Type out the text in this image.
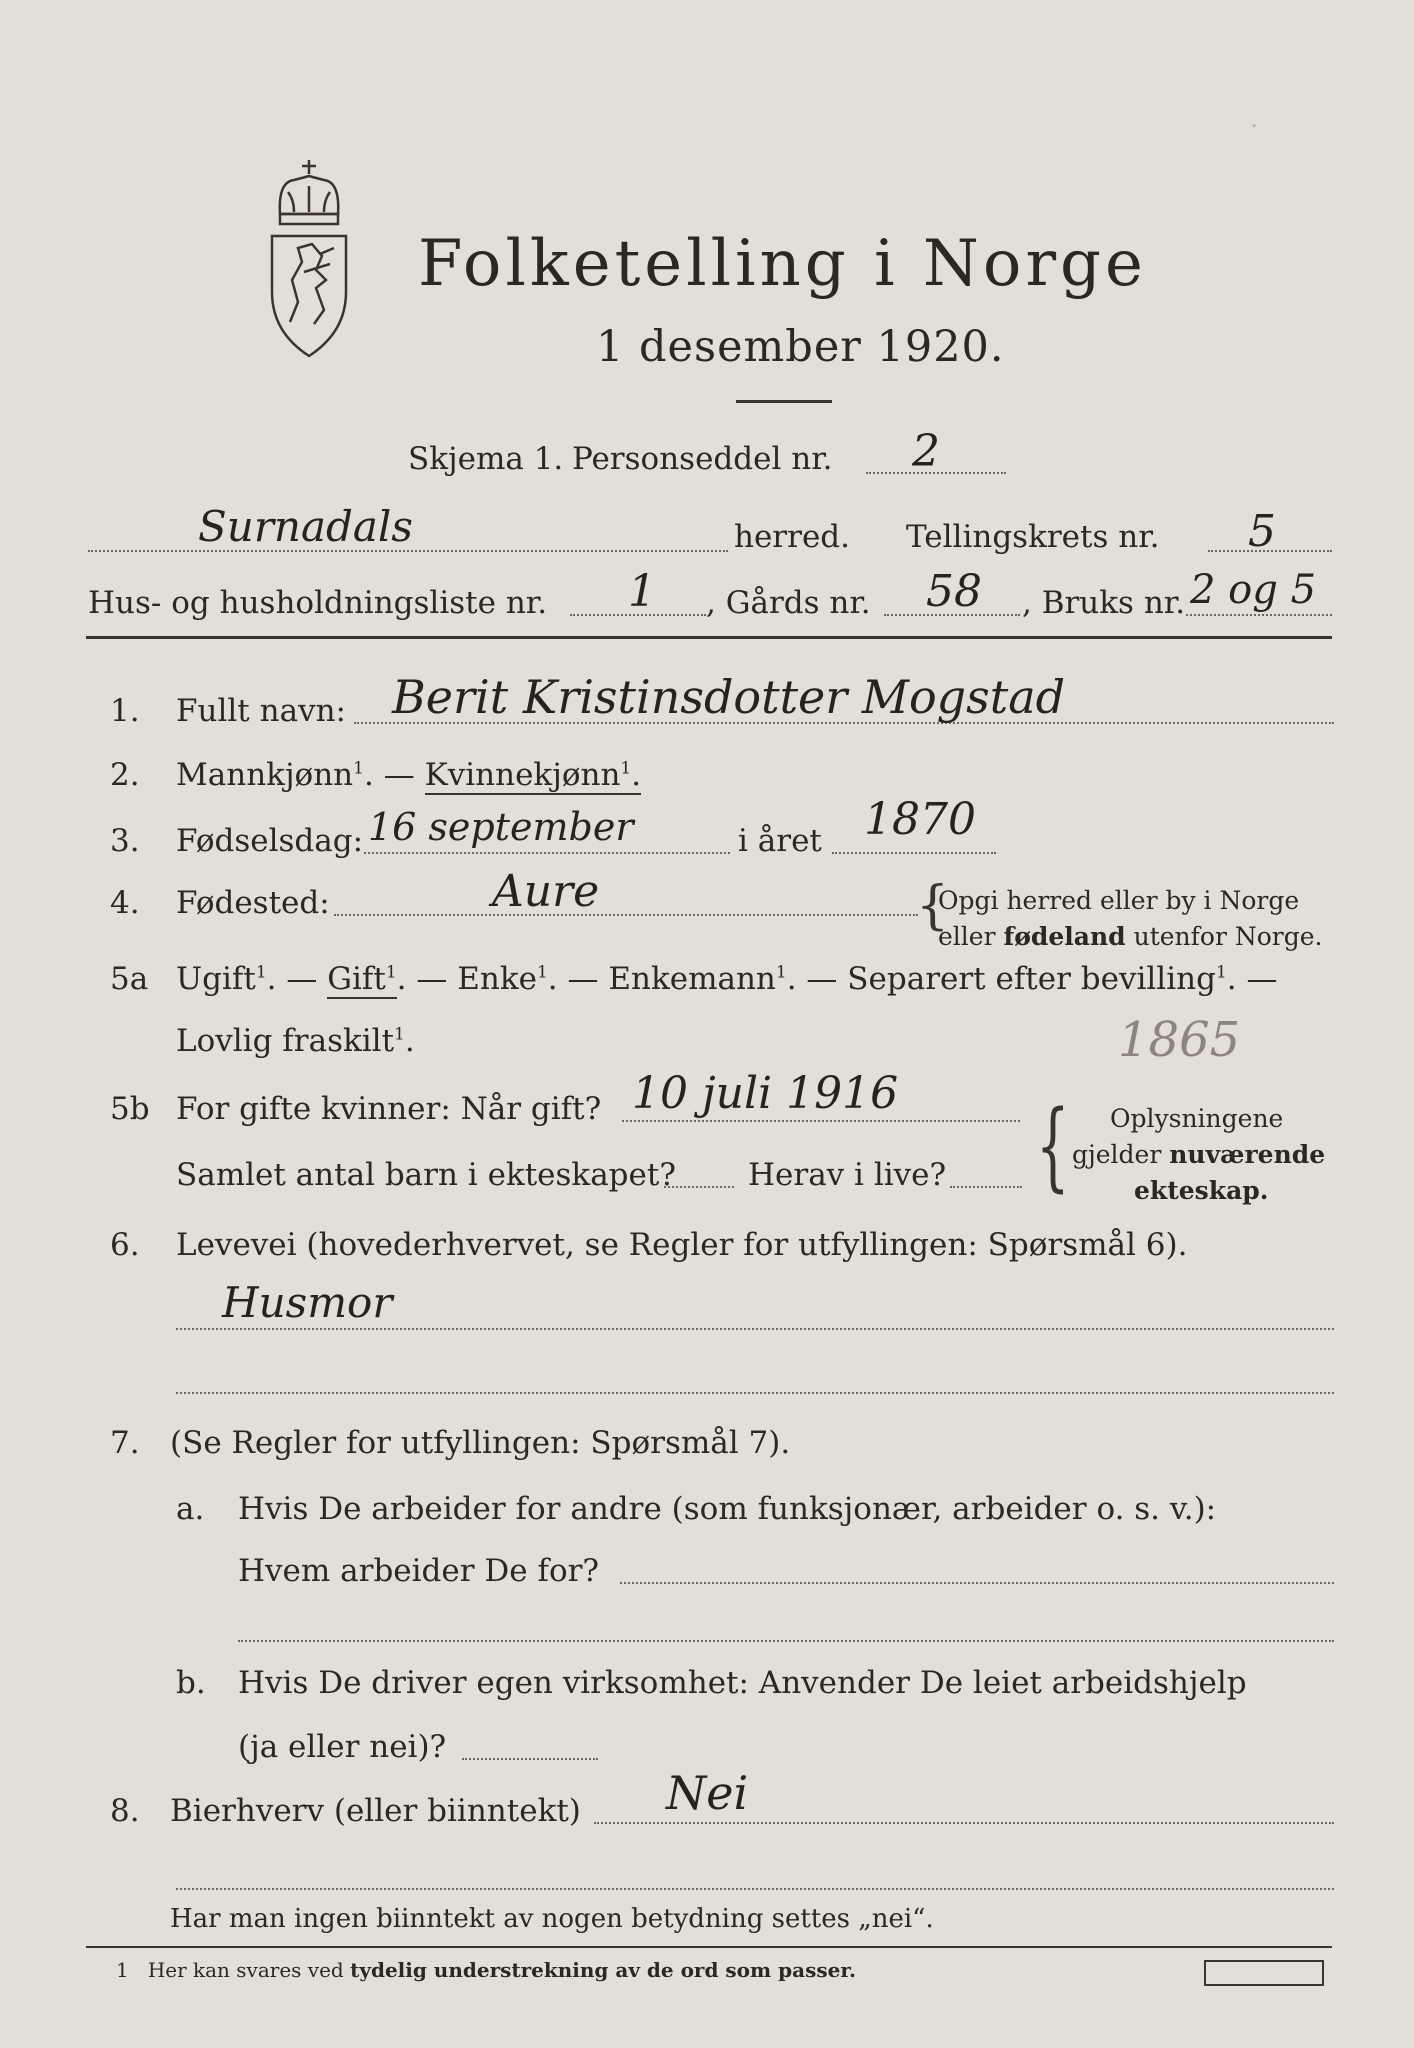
Folketelling i Norge
1 desember 1920.
·
Skjema 1. Personseddel nr. 2
Surnadals	herred. Tellingskrets nr. 5
Hus- og husholdningsliste nr. 1 , Gårds nr. 58 , Bruks nr. 2 og 5
1. Fullt navn: Berit Kristinsdotter Mogstad
2. Mannkjønn$^1$. — Kvinnekjønn$^1$.
3. Fødselsdag: 16 september	i året 1870
4. Fødested:	Aure	{
Opgi herred eller by i Norge
eller fødeland utenfor Norge.
5a Ugift$^1$. — Gift$^1$. — Enke$^1$. — Enkemann$^1$. — Separert efter bevilling$^1$. —
Lovlig fraskilt$^1$.	1865
5b For gifte kvinner: Når gift? 10 juli 1916
Samlet antal barn i ekteskapet? Herav i live? { Oplysningene
gjelder nuværende
ekteskap.
6. Levevei (hovederhvervet, se Regler for utfyllingen: Spørsmål 6).
Husmor
7. (Se Regler for utfyllingen: Spørsmål 7).
a. Hvis De arbeider for andre (som funksjonær, arbeider o. s. v.):
Hvem arbeider De for?
b. Hvis De driver egen virksomhet: Anvender De leiet arbeidshjelp
(ja eller nei)?
8. Bierhverv (eller biinntekt) Nei
Har man ingen biinntekt av nogen betydning settes „nei“.
1 Her kan svares ved tydelig understrekning av de ord som passer.
